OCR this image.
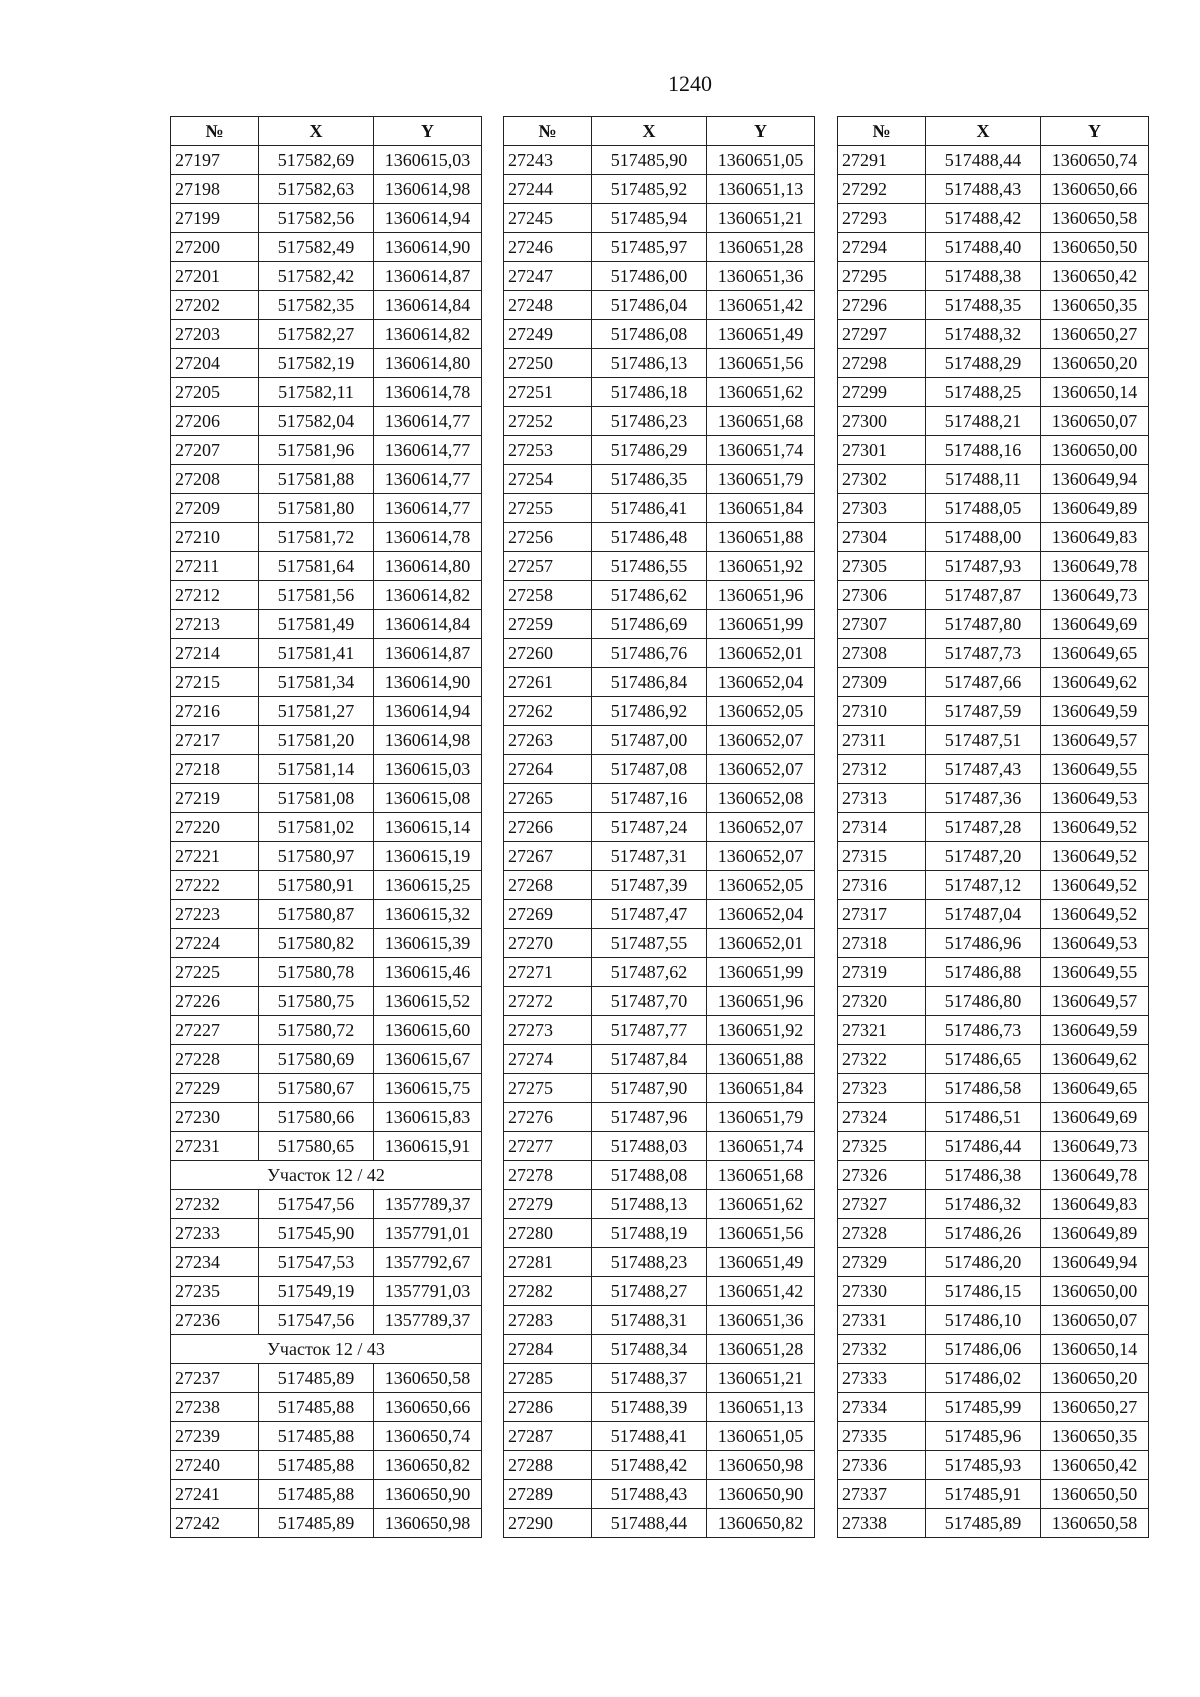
1240
№	X	Y
27197	517582,69	1360615,03
27198	517582,63	1360614,98
27199	517582,56	1360614,94
27200	517582,49	1360614,90
27201	517582,42	1360614,87
27202	517582,35	1360614,84
27203	517582,27	1360614,82
27204	517582,19	1360614,80
27205	517582,11	1360614,78
27206	517582,04	1360614,77
27207	517581,96	1360614,77
27208	517581,88	1360614,77
27209	517581,80	1360614,77
27210	517581,72	1360614,78
27211	517581,64	1360614,80
27212	517581,56	1360614,82
27213	517581,49	1360614,84
27214	517581,41	1360614,87
27215	517581,34	1360614,90
27216	517581,27	1360614,94
27217	517581,20	1360614,98
27218	517581,14	1360615,03
27219	517581,08	1360615,08
27220	517581,02	1360615,14
27221	517580,97	1360615,19
27222	517580,91	1360615,25
27223	517580,87	1360615,32
27224	517580,82	1360615,39
27225	517580,78	1360615,46
27226	517580,75	1360615,52
27227	517580,72	1360615,60
27228	517580,69	1360615,67
27229	517580,67	1360615,75
27230	517580,66	1360615,83
27231	517580,65	1360615,91
Участок 12 / 42		
27232	517547,56	1357789,37
27233	517545,90	1357791,01
27234	517547,53	1357792,67
27235	517549,19	1357791,03
27236	517547,56	1357789,37
Участок 12 / 43		
27237	517485,89	1360650,58
27238	517485,88	1360650,66
27239	517485,88	1360650,74
27240	517485,88	1360650,82
27241	517485,88	1360650,90
27242	517485,89	1360650,98
№	X	Y
27243	517485,90	1360651,05
27244	517485,92	1360651,13
27245	517485,94	1360651,21
27246	517485,97	1360651,28
27247	517486,00	1360651,36
27248	517486,04	1360651,42
27249	517486,08	1360651,49
27250	517486,13	1360651,56
27251	517486,18	1360651,62
27252	517486,23	1360651,68
27253	517486,29	1360651,74
27254	517486,35	1360651,79
27255	517486,41	1360651,84
27256	517486,48	1360651,88
27257	517486,55	1360651,92
27258	517486,62	1360651,96
27259	517486,69	1360651,99
27260	517486,76	1360652,01
27261	517486,84	1360652,04
27262	517486,92	1360652,05
27263	517487,00	1360652,07
27264	517487,08	1360652,07
27265	517487,16	1360652,08
27266	517487,24	1360652,07
27267	517487,31	1360652,07
27268	517487,39	1360652,05
27269	517487,47	1360652,04
27270	517487,55	1360652,01
27271	517487,62	1360651,99
27272	517487,70	1360651,96
27273	517487,77	1360651,92
27274	517487,84	1360651,88
27275	517487,90	1360651,84
27276	517487,96	1360651,79
27277	517488,03	1360651,74
27278	517488,08	1360651,68
27279	517488,13	1360651,62
27280	517488,19	1360651,56
27281	517488,23	1360651,49
27282	517488,27	1360651,42
27283	517488,31	1360651,36
27284	517488,34	1360651,28
27285	517488,37	1360651,21
27286	517488,39	1360651,13
27287	517488,41	1360651,05
27288	517488,42	1360650,98
27289	517488,43	1360650,90
27290	517488,44	1360650,82
№	X	Y
27291	517488,44	1360650,74
27292	517488,43	1360650,66
27293	517488,42	1360650,58
27294	517488,40	1360650,50
27295	517488,38	1360650,42
27296	517488,35	1360650,35
27297	517488,32	1360650,27
27298	517488,29	1360650,20
27299	517488,25	1360650,14
27300	517488,21	1360650,07
27301	517488,16	1360650,00
27302	517488,11	1360649,94
27303	517488,05	1360649,89
27304	517488,00	1360649,83
27305	517487,93	1360649,78
27306	517487,87	1360649,73
27307	517487,80	1360649,69
27308	517487,73	1360649,65
27309	517487,66	1360649,62
27310	517487,59	1360649,59
27311	517487,51	1360649,57
27312	517487,43	1360649,55
27313	517487,36	1360649,53
27314	517487,28	1360649,52
27315	517487,20	1360649,52
27316	517487,12	1360649,52
27317	517487,04	1360649,52
27318	517486,96	1360649,53
27319	517486,88	1360649,55
27320	517486,80	1360649,57
27321	517486,73	1360649,59
27322	517486,65	1360649,62
27323	517486,58	1360649,65
27324	517486,51	1360649,69
27325	517486,44	1360649,73
27326	517486,38	1360649,78
27327	517486,32	1360649,83
27328	517486,26	1360649,89
27329	517486,20	1360649,94
27330	517486,15	1360650,00
27331	517486,10	1360650,07
27332	517486,06	1360650,14
27333	517486,02	1360650,20
27334	517485,99	1360650,27
27335	517485,96	1360650,35
27336	517485,93	1360650,42
27337	517485,91	1360650,50
27338	517485,89	1360650,58
